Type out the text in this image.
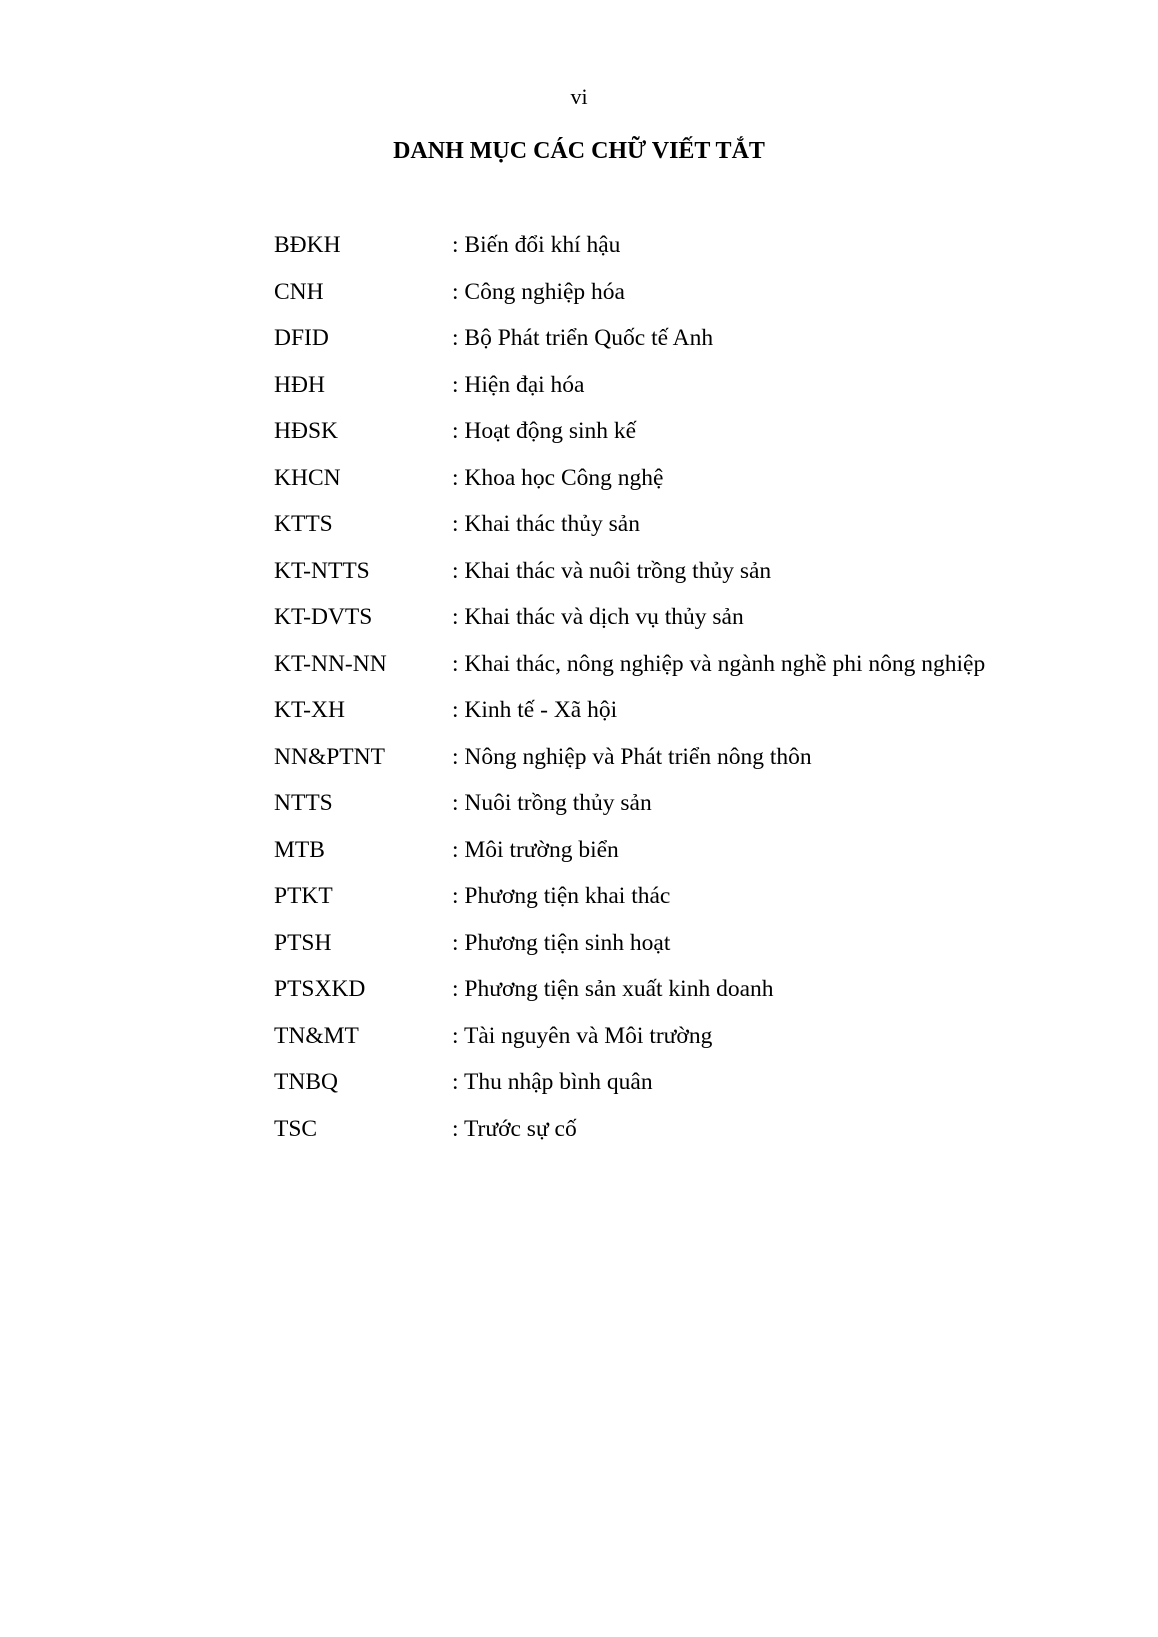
vi
DANH MỤC CÁC CHỮ VIẾT TẮT
BĐKH	: Biến đổi khí hậu
CNH	: Công nghiệp hóa
DFID	: Bộ Phát triển Quốc tế Anh
HĐH	: Hiện đại hóa
HĐSK	: Hoạt động sinh kế
KHCN	: Khoa học Công nghệ
KTTS	: Khai thác thủy sản
KT-NTTS	: Khai thác và nuôi trồng thủy sản
KT-DVTS	: Khai thác và dịch vụ thủy sản
KT-NN-NN	: Khai thác, nông nghiệp và ngành nghề phi nông nghiệp
KT-XH	: Kinh tế - Xã hội
NN&PTNT	: Nông nghiệp và Phát triển nông thôn
NTTS	: Nuôi trồng thủy sản
MTB	: Môi trường biển
PTKT	: Phương tiện khai thác
PTSH	: Phương tiện sinh hoạt
PTSXKD	: Phương tiện sản xuất kinh doanh
TN&MT	: Tài nguyên và Môi trường
TNBQ	: Thu nhập bình quân
TSC	: Trước sự cố
